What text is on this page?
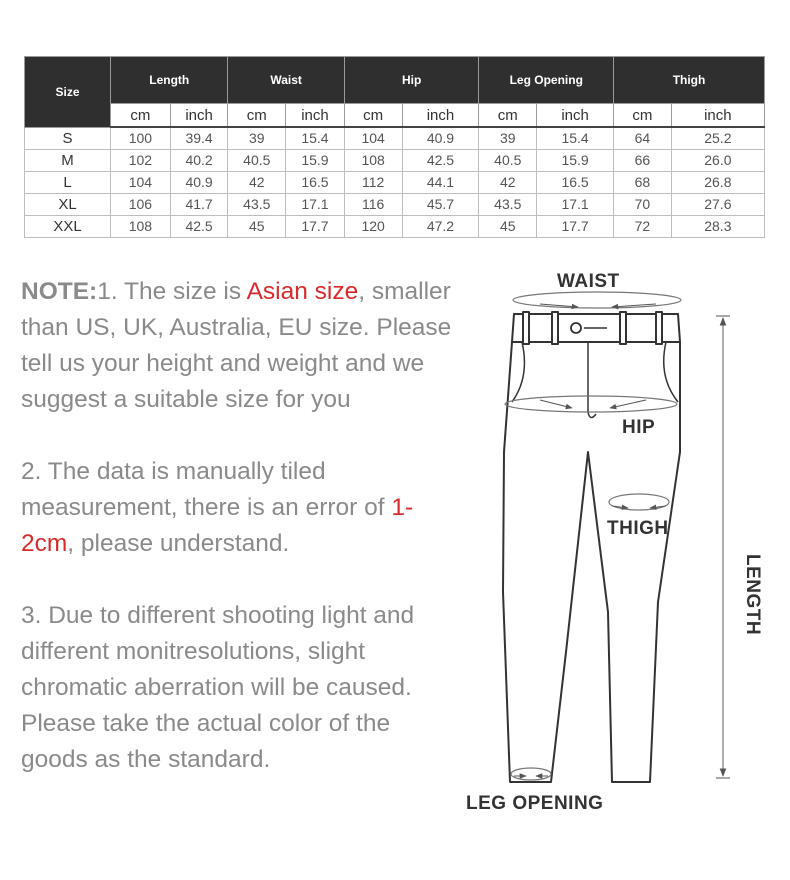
Size	Length		Waist		Hip		Leg Opening		Thigh	
	cm	inch	cm	inch	cm	inch	cm	inch	cm	inch
S	100	39.4	39	15.4	104	40.9	39	15.4	64	25.2
M	102	40.2	40.5	15.9	108	42.5	40.5	15.9	66	26.0
L	104	40.9	42	16.5	112	44.1	42	16.5	68	26.8
XL	106	41.7	43.5	17.1	116	45.7	43.5	17.1	70	27.6
XXL	108	42.5	45	17.7	120	47.2	45	17.7	72	28.3

NOTE:1. The size is Asian size, smaller than US, UK, Australia, EU size. Please tell us your height and weight and we suggest a suitable size for you

2. The data is manually tiled measurement, there is an error of 1-2cm, please understand.

3. Due to different shooting light and different monitresolutions, slight chromatic aberration will be caused. Please take the actual color of the goods as the standard.

WAIST
HIP
THIGH
LEG OPENING
LENGTH
